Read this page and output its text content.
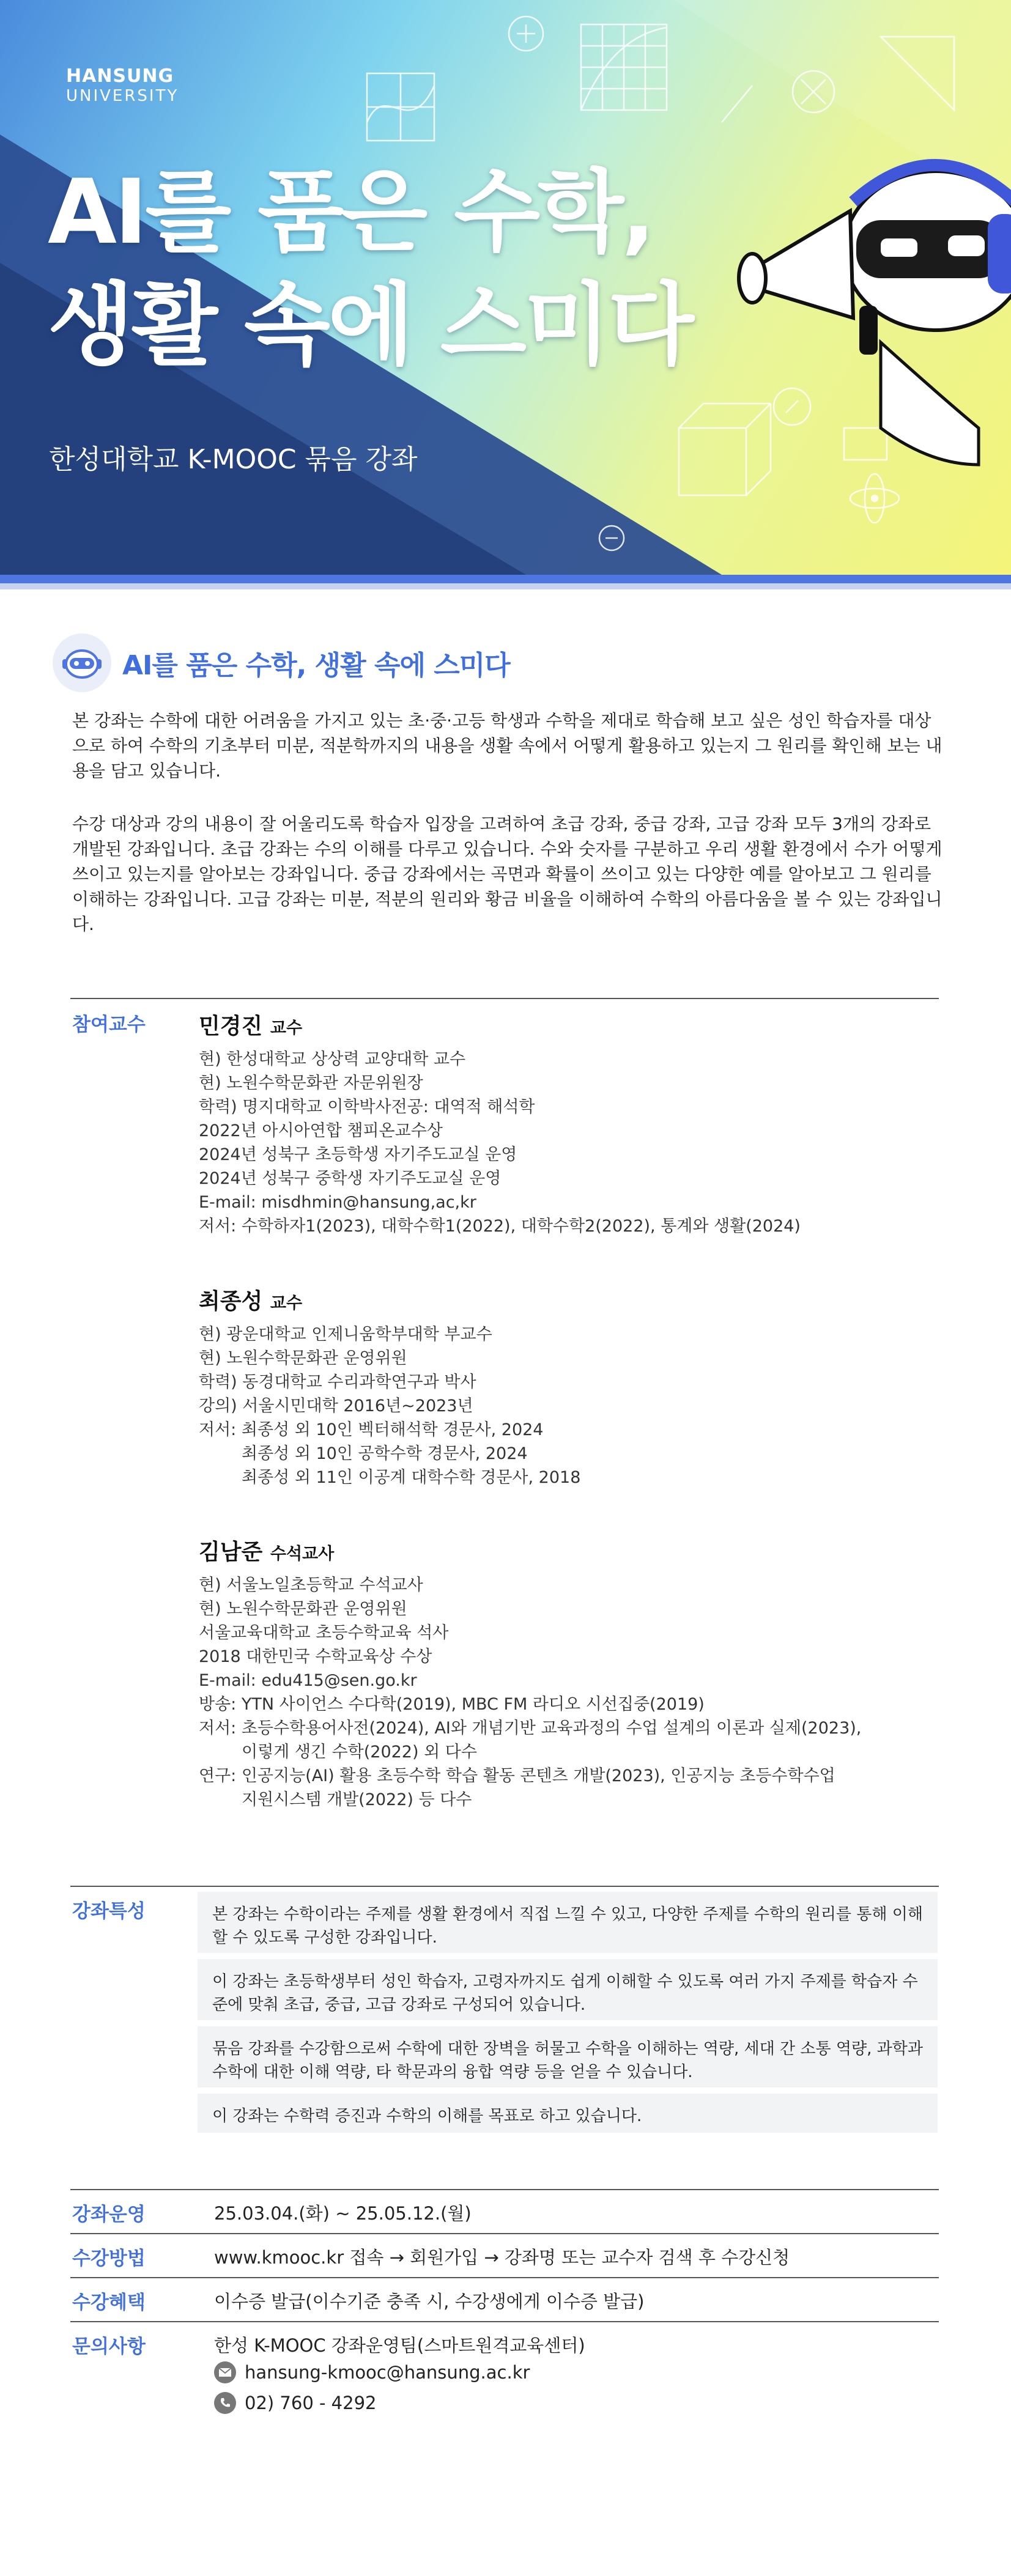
HANSUNG
UNIVERSITY
AI를 품은 수학,
생활 속에 스미다
한성대학교 K-MOOC 묶음 강좌
AI를 품은 수학, 생활 속에 스미다

본 강좌는 수학에 대한 어려움을 가지고 있는 초·중·고등 학생과 수학을 제대로 학습해 보고 싶은 성인 학습자를 대상으로 하여 수학의 기초부터 미분, 적분학까지의 내용을 생활 속에서 어떻게 활용하고 있는지 그 원리를 확인해 보는 내용을 담고 있습니다.

수강 대상과 강의 내용이 잘 어울리도록 학습자 입장을 고려하여 초급 강좌, 중급 강좌, 고급 강좌 모두 3개의 강좌로 개발된 강좌입니다. 초급 강좌는 수의 이해를 다루고 있습니다. 수와 숫자를 구분하고 우리 생활 환경에서 수가 어떻게 쓰이고 있는지를 알아보는 강좌입니다. 중급 강좌에서는 곡면과 확률이 쓰이고 있는 다양한 예를 알아보고 그 원리를 이해하는 강좌입니다. 고급 강좌는 미분, 적분의 원리와 황금 비율을 이해하여 수학의 아름다움을 볼 수 있는 강좌입니다.

참여교수 민경진 교수
현) 한성대학교 상상력 교양대학 교수
현) 노원수학문화관 자문위원장
학력) 명지대학교 이학박사전공: 대역적 해석학
2022년 아시아연합 챔피온교수상
2024년 성북구 초등학생 자기주도교실 운영
2024년 성북구 중학생 자기주도교실 운영
E-mail: misdhmin@hansung,ac,kr
저서: 수학하자1(2023), 대학수학1(2022), 대학수학2(2022), 통계와 생활(2024)
최종성 교수
현) 광운대학교 인제니움학부대학 부교수
현) 노원수학문화관 운영위원
학력) 동경대학교 수리과학연구과 박사
강의) 서울시민대학 2016년~2023년
저서: 최종성 외 10인 벡터해석학 경문사, 2024
최종성 외 10인 공학수학 경문사, 2024
최종성 외 11인 이공계 대학수학 경문사, 2018
김남준 수석교사
현) 서울노일초등학교 수석교사
현) 노원수학문화관 운영위원
서울교육대학교 초등수학교육 석사
2018 대한민국 수학교육상 수상
E-mail: edu415@sen.go.kr
방송: YTN 사이언스 수다학(2019), MBC FM 라디오 시선집중(2019)
저서: 초등수학용어사전(2024), AI와 개념기반 교육과정의 수업 설계의 이론과 실제(2023),
이렇게 생긴 수학(2022) 외 다수
연구: 인공지능(AI) 활용 초등수학 학습 활동 콘텐츠 개발(2023), 인공지능 초등수학수업
지원시스템 개발(2022) 등 다수
강좌특성	본 강좌는 수학이라는 주제를 생활 환경에서 직접 느낄 수 있고, 다양한 주제를 수학의 원리를 통해 이해할 수 있도록 구성한 강좌입니다.
이 강좌는 초등학생부터 성인 학습자, 고령자까지도 쉽게 이해할 수 있도록 여러 가지 주제를 학습자 수준에 맞춰 초급, 중급, 고급 강좌로 구성되어 있습니다.
묶음 강좌를 수강함으로써 수학에 대한 장벽을 허물고 수학을 이해하는 역량, 세대 간 소통 역량, 과학과 수학에 대한 이해 역량, 타 학문과의 융합 역량 등을 얻을 수 있습니다.
이 강좌는 수학력 증진과 수학의 이해를 목표로 하고 있습니다.
강좌운영	25.03.04.(화) ~ 25.05.12.(월)
수강방법	www.kmooc.kr 접속 → 회원가입 → 강좌명 또는 교수자 검색 후 수강신청
수강혜택	이수증 발급(이수기준 충족 시, 수강생에게 이수증 발급)
문의사항	한성 K-MOOC 강좌운영팀(스마트원격교육센터)
hansung-kmooc@hansung.ac.kr
02) 760 - 4292
